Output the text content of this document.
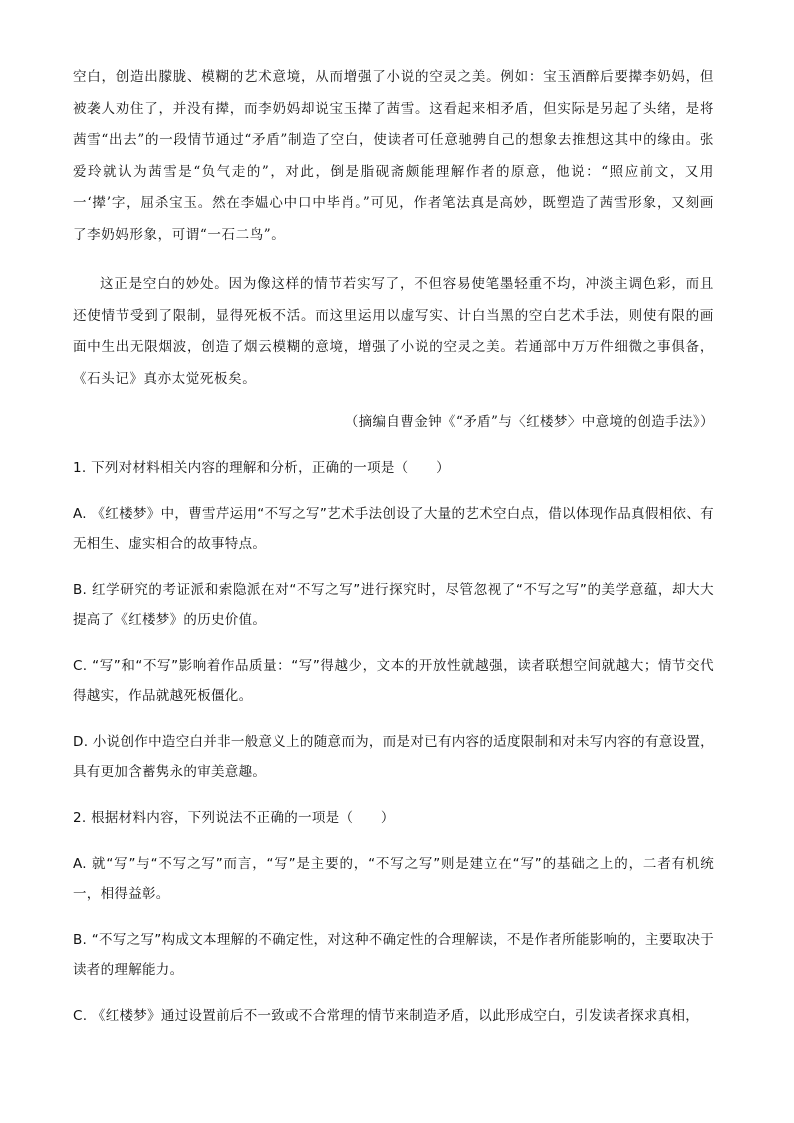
空白，创造出朦胧、模糊的艺术意境，从而增强了小说的空灵之美。例如：宝玉酒醉后要撵李奶妈，但被袭人劝住了，并没有撵，而李奶妈却说宝玉撵了茜雪。这看起来相矛盾，但实际是另起了头绪，是将茜雪“出去”的一段情节通过“矛盾”制造了空白，使读者可任意驰骋自己的想象去推想这其中的缘由。张爱玲就认为茜雪是“负气走的”，对此，倒是脂砚斋颇能理解作者的原意，他说：“照应前文，又用一‘撵’字，屈杀宝玉。然在李媪心中口中毕肖。”可见，作者笔法真是高妙，既塑造了茜雪形象，又刻画了李奶妈形象，可谓“一石二鸟”。

这正是空白的妙处。因为像这样的情节若实写了，不但容易使笔墨轻重不均，冲淡主调色彩，而且还使情节受到了限制，显得死板不活。而这里运用以虚写实、计白当黑的空白艺术手法，则使有限的画面中生出无限烟波，创造了烟云模糊的意境，增强了小说的空灵之美。若通部中万万件细微之事俱备，《石头记》真亦太觉死板矣。

（摘编自曹金钟《“矛盾”与〈红楼梦〉中意境的创造手法》）
1. 下列对材料相关内容的理解和分析，正确的一项是（　　）
A. 《红楼梦》中，曹雪芹运用“不写之写”艺术手法创设了大量的艺术空白点，借以体现作品真假相依、有无相生、虚实相合的故事特点。
B. 红学研究的考证派和索隐派在对“不写之写”进行探究时，尽管忽视了“不写之写”的美学意蕴，却大大提高了《红楼梦》的历史价值。
C. “写”和“不写”影响着作品质量：“写”得越少，文本的开放性就越强，读者联想空间就越大；情节交代得越实，作品就越死板僵化。
D. 小说创作中造空白并非一般意义上的随意而为，而是对已有内容的适度限制和对未写内容的有意设置，具有更加含蓄隽永的审美意趣。
2. 根据材料内容，下列说法不正确的一项是（　　）
A. 就“写”与“不写之写”而言，“写”是主要的，“不写之写”则是建立在“写”的基础之上的，二者有机统一，相得益彰。
B. “不写之写”构成文本理解的不确定性，对这种不确定性的合理解读，不是作者所能影响的，主要取决于读者的理解能力。
C. 《红楼梦》通过设置前后不一致或不合常理的情节来制造矛盾，以此形成空白，引发读者探求真相，
